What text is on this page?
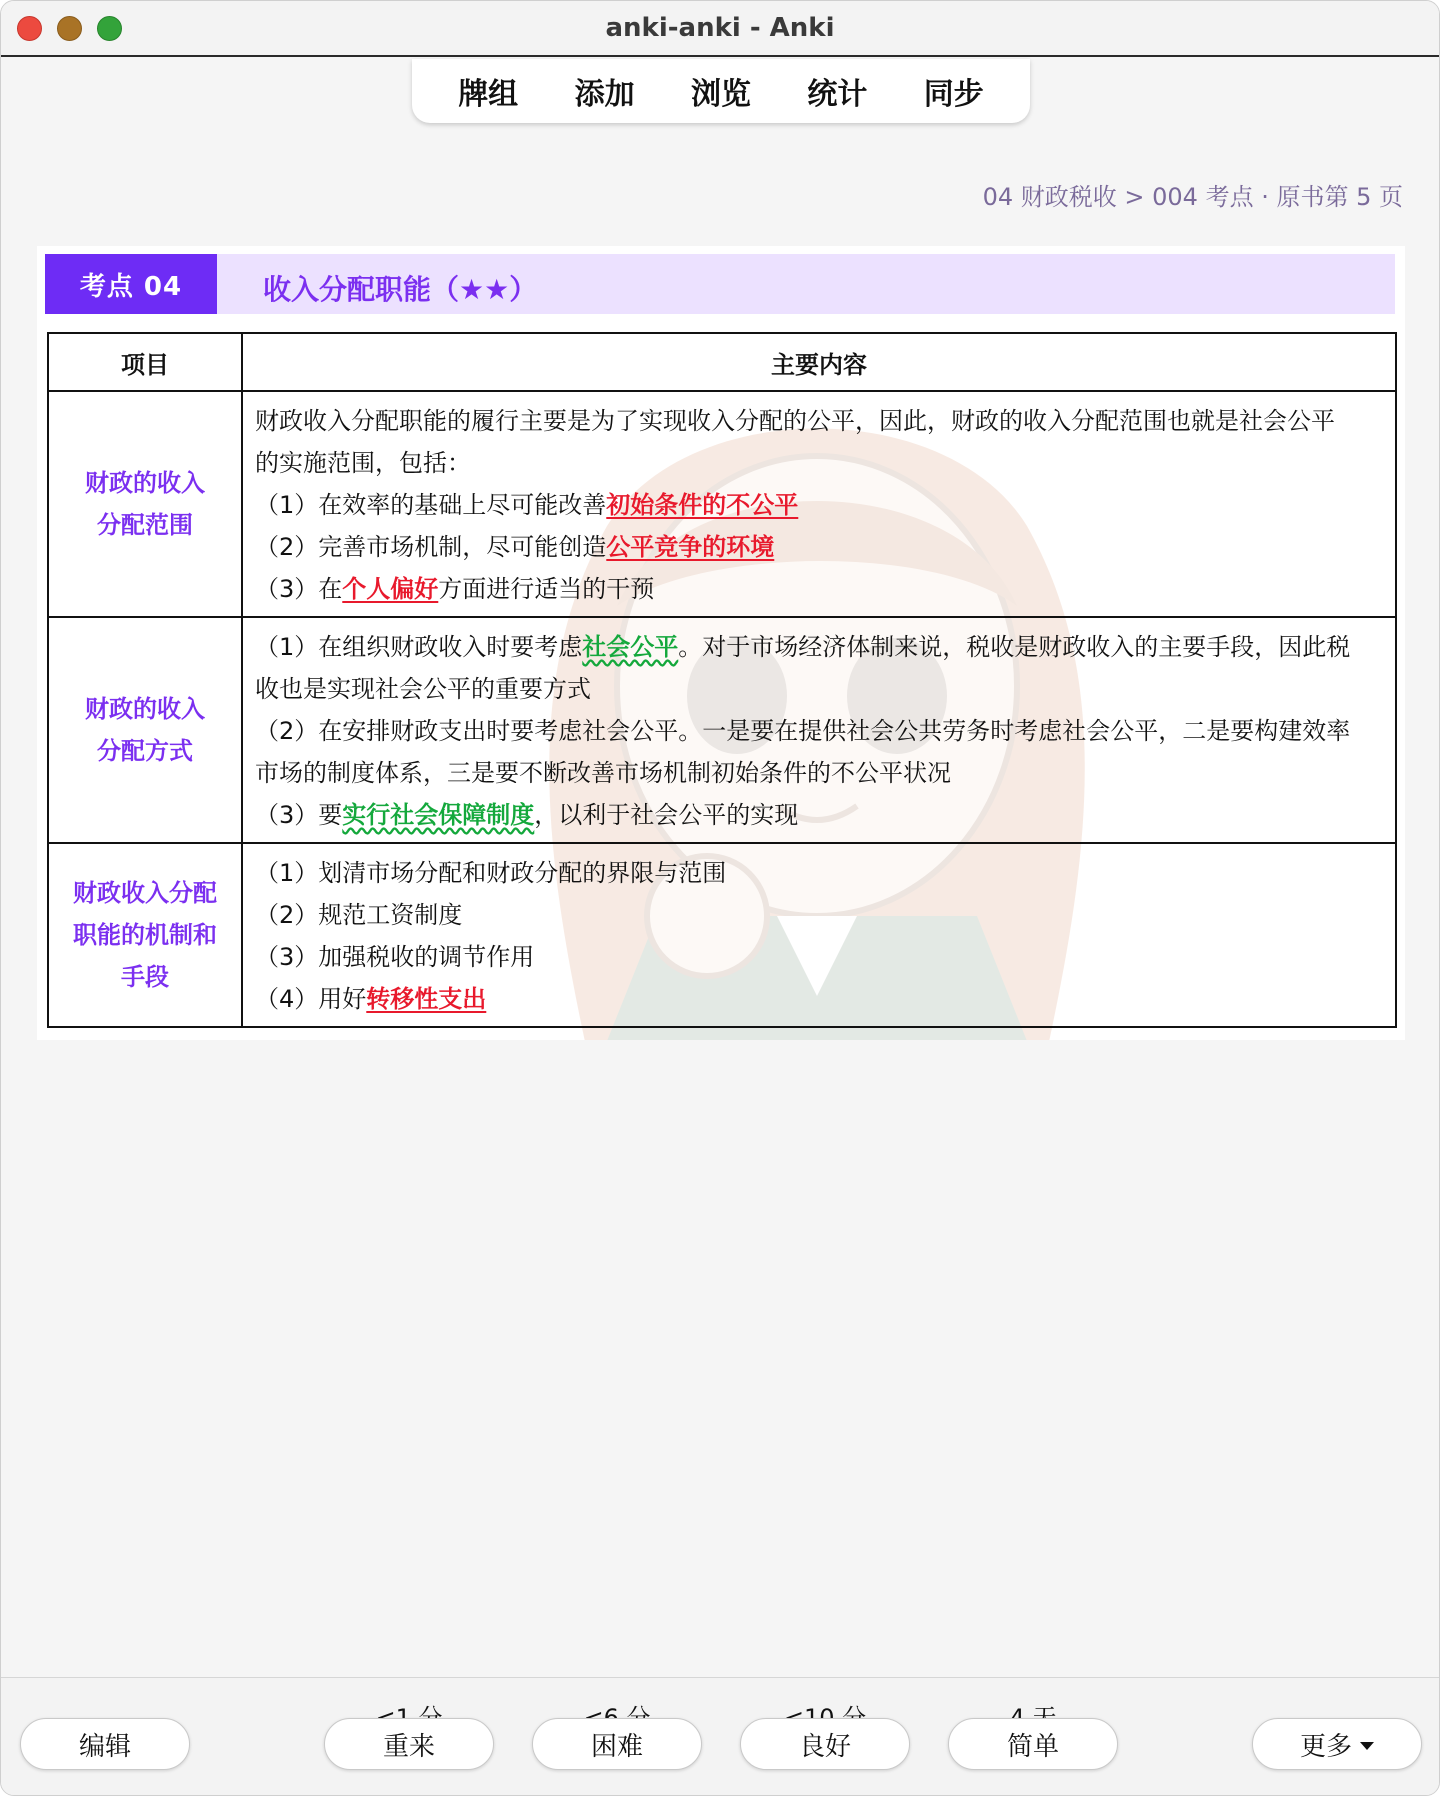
anki-anki - Anki
牌组	添加	浏览	统计	同步
04 财政税收 > 004 考点 · 原书第 5 页
考点 04	收入分配职能（★★）
项目	主要内容

财政的收入
分配范围	财政收入分配职能的履行主要是为了实现收入分配的公平，因此，财政的收入分配范围也就是社会公平
的实施范围，包括：
（1）在效率的基础上尽可能改善初始条件的不公平
（2）完善市场机制，尽可能创造公平竞争的环境
（3）在个人偏好方面进行适当的干预

财政的收入
分配方式	（1）在组织财政收入时要考虑社会公平。对于市场经济体制来说，税收是财政收入的主要手段，因此税
收也是实现社会公平的重要方式
（2）在安排财政支出时要考虑社会公平。一是要在提供社会公共劳务时考虑社会公平，二是要构建效率
市场的制度体系，三是要不断改善市场机制初始条件的不公平状况
（3）要实行社会保障制度，以利于社会公平的实现

财政收入分配
职能的机制和
手段	（1）划清市场分配和财政分配的界限与范围
（2）规范工资制度
（3）加强税收的调节作用
（4）用好转移性支出
编辑	重来	困难	良好	简单	更多
